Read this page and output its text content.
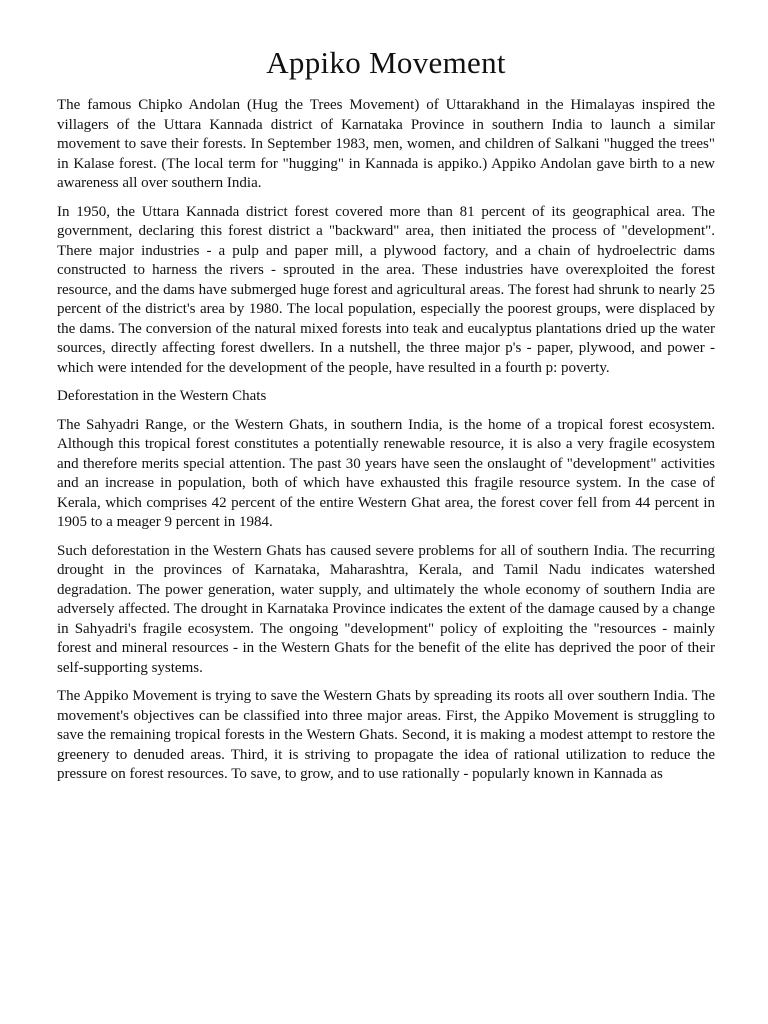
Appiko Movement

The famous Chipko Andolan (Hug the Trees Movement) of Uttarakhand in the Himalayas inspired the villagers of the Uttara Kannada district of Karnataka Province in southern India to launch a similar movement to save their forests. In September 1983, men, women, and children of Salkani "hugged the trees" in Kalase forest. (The local term for "hugging" in Kannada is appiko.) Appiko Andolan gave birth to a new awareness all over southern India.

In 1950, the Uttara Kannada district forest covered more than 81 percent of its geographical area. The government, declaring this forest district a "backward" area, then initiated the process of "development". There major industries - a pulp and paper mill, a plywood factory, and a chain of hydroelectric dams constructed to harness the rivers - sprouted in the area. These industries have overexploited the forest resource, and the dams have submerged huge forest and agricultural areas. The forest had shrunk to nearly 25 percent of the district's area by 1980. The local population, especially the poorest groups, were displaced by the dams. The conversion of the natural mixed forests into teak and eucalyptus plantations dried up the water sources, directly affecting forest dwellers. In a nutshell, the three major p's - paper, plywood, and power - which were intended for the development of the people, have resulted in a fourth p: poverty.

Deforestation in the Western Chats

The Sahyadri Range, or the Western Ghats, in southern India, is the home of a tropical forest ecosystem. Although this tropical forest constitutes a potentially renewable resource, it is also a very fragile ecosystem and therefore merits special attention. The past 30 years have seen the onslaught of "development" activities and an increase in population, both of which have exhausted this fragile resource system. In the case of Kerala, which comprises 42 percent of the entire Western Ghat area, the forest cover fell from 44 percent in 1905 to a meager 9 percent in 1984.

Such deforestation in the Western Ghats has caused severe problems for all of southern India. The recurring drought in the provinces of Karnataka, Maharashtra, Kerala, and Tamil Nadu indicates watershed degradation. The power generation, water supply, and ultimately the whole economy of southern India are adversely affected. The drought in Karnataka Province indicates the extent of the damage caused by a change in Sahyadri's fragile ecosystem. The ongoing "development" policy of exploiting the "resources - mainly forest and mineral resources - in the Western Ghats for the benefit of the elite has deprived the poor of their self-supporting systems.

The Appiko Movement is trying to save the Western Ghats by spreading its roots all over southern India. The movement's objectives can be classified into three major areas. First, the Appiko Movement is struggling to save the remaining tropical forests in the Western Ghats. Second, it is making a modest attempt to restore the greenery to denuded areas. Third, it is striving to propagate the idea of rational utilization to reduce the pressure on forest resources. To save, to grow, and to use rationally - popularly known in Kannada as
